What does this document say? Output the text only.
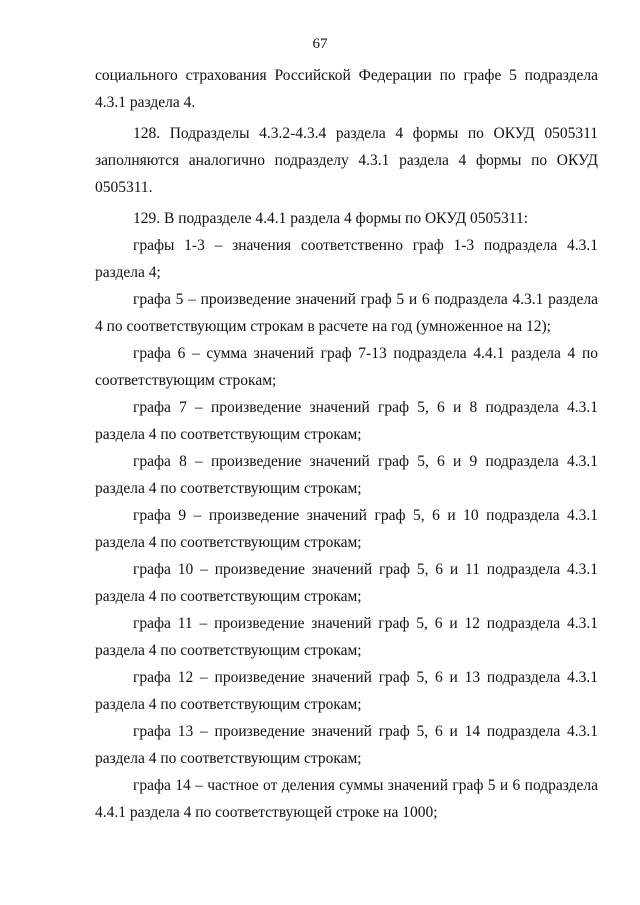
67

социального страхования Российской Федерации по графе 5 подраздела 4.3.1 раздела 4.

128. Подразделы 4.3.2-4.3.4 раздела 4 формы по ОКУД 0505311 заполняются аналогично подразделу 4.3.1 раздела 4 формы по ОКУД 0505311.

129. В подразделе 4.4.1 раздела 4 формы по ОКУД 0505311:

графы 1-3 – значения соответственно граф 1-3 подраздела 4.3.1 раздела 4;

графа 5 – произведение значений граф 5 и 6 подраздела 4.3.1 раздела 4 по соответствующим строкам в расчете на год (умноженное на 12);

графа 6 – сумма значений граф 7-13 подраздела 4.4.1 раздела 4 по соответствующим строкам;

графа 7 – произведение значений граф 5, 6 и 8 подраздела 4.3.1 раздела 4 по соответствующим строкам;

графа 8 – произведение значений граф 5, 6 и 9 подраздела 4.3.1 раздела 4 по соответствующим строкам;

графа 9 – произведение значений граф 5, 6 и 10 подраздела 4.3.1 раздела 4 по соответствующим строкам;

графа 10 – произведение значений граф 5, 6 и 11 подраздела 4.3.1 раздела 4 по соответствующим строкам;

графа 11 – произведение значений граф 5, 6 и 12 подраздела 4.3.1 раздела 4 по соответствующим строкам;

графа 12 – произведение значений граф 5, 6 и 13 подраздела 4.3.1 раздела 4 по соответствующим строкам;

графа 13 – произведение значений граф 5, 6 и 14 подраздела 4.3.1 раздела 4 по соответствующим строкам;

графа 14 – частное от деления суммы значений граф 5 и 6 подраздела 4.4.1 раздела 4 по соответствующей строке на 1000;
